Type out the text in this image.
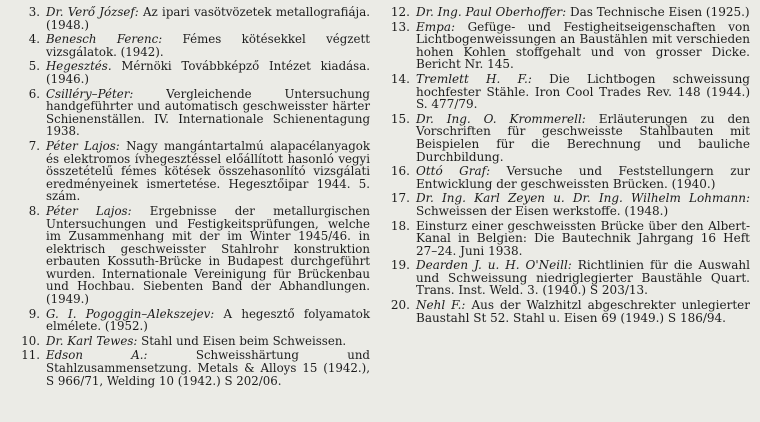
3. Dr. Verő József: Az ipari vasötvözetek metallografiája. (1948.)
4. Benesch Ferenc: Fémes kötésekkel végzett vizsgálatok. (1942).
5. Hegesztés. Mérnöki Továbbképző Intézet kiadása. (1946.)
6. Csilléry–Péter: Vergleichende Untersuchung handgeführter und automatisch geschweisster härter Schienenställen. IV. Internationale Schienentagung 1938.
7. Péter Lajos: Nagy mangántartalmú alapacélanyagok és elektromos ívhegesztéssel előállított hasonló vegyi összetételű fémes kötések összehasonlító vizsgálati eredményeinek ismertetése. Hegesztőipar 1944. 5. szám.
8. Péter Lajos: Ergebnisse der metallurgischen Untersuchungen und Festigkeitsprüfungen, welche im Zusammenhang mit der im Winter 1945/46. in elektrisch geschweisster Stahlrohr konstruktion erbauten Kossuth-Brücke in Budapest durchgeführt wurden. Internationale Vereinigung für Brückenbau und Hochbau. Siebenten Band der Abhandlungen. (1949.)
9. G. I. Pogoggin–Alekszejev: A hegesztő folyamatok elmélete. (1952.)
10. Dr. Karl Tewes: Stahl und Eisen beim Schweissen.
11. Edson A.: Schweisshärtung und Stahlzusammensetzung. Metals & Alloys 15 (1942.), S 966/71, Welding 10 (1942.) S 202/06.
12. Dr. Ing. Paul Oberhoffer: Das Technische Eisen (1925.)
13. Empa: Gefüge- und Festigheitseigenschaften von Lichtbogenweissungen an Baustählen mit verschieden hohen Kohlen stoffgehalt und von grosser Dicke. Bericht Nr. 145.
14. Tremlett H. F.: Die Lichtbogen schweissung hochfester Stähle. Iron Cool Trades Rev. 148 (1944.) S. 477/79.
15. Dr. Ing. O. Krommerell: Erläuterungen zu den Vorschriften für geschweisste Stahlbauten mit Beispielen für die Berechnung und bauliche Durchbildung.
16. Ottó Graf: Versuche und Feststellungern zur Entwicklung der geschweissten Brücken. (1940.)
17. Dr. Ing. Karl Zeyen u. Dr. Ing. Wilhelm Lohmann: Schweissen der Eisen werkstoffe. (1948.)
18. Einsturz einer geschweissten Brücke über den Albert-Kanal in Belgien: Die Bautechnik Jahrgang 16 Heft 27–24. Juni 1938.
19. Dearden J. u. H. O'Neill: Richtlinien für die Auswahl und Schweissung niedriglegierter Baustähle Quart. Trans. Inst. Weld. 3. (1940.) S 203/13.
20. Nehl F.: Aus der Walzhitzl abgeschrekter unlegierter Baustahl St 52. Stahl u. Eisen 69 (1949.) S 186/94.
